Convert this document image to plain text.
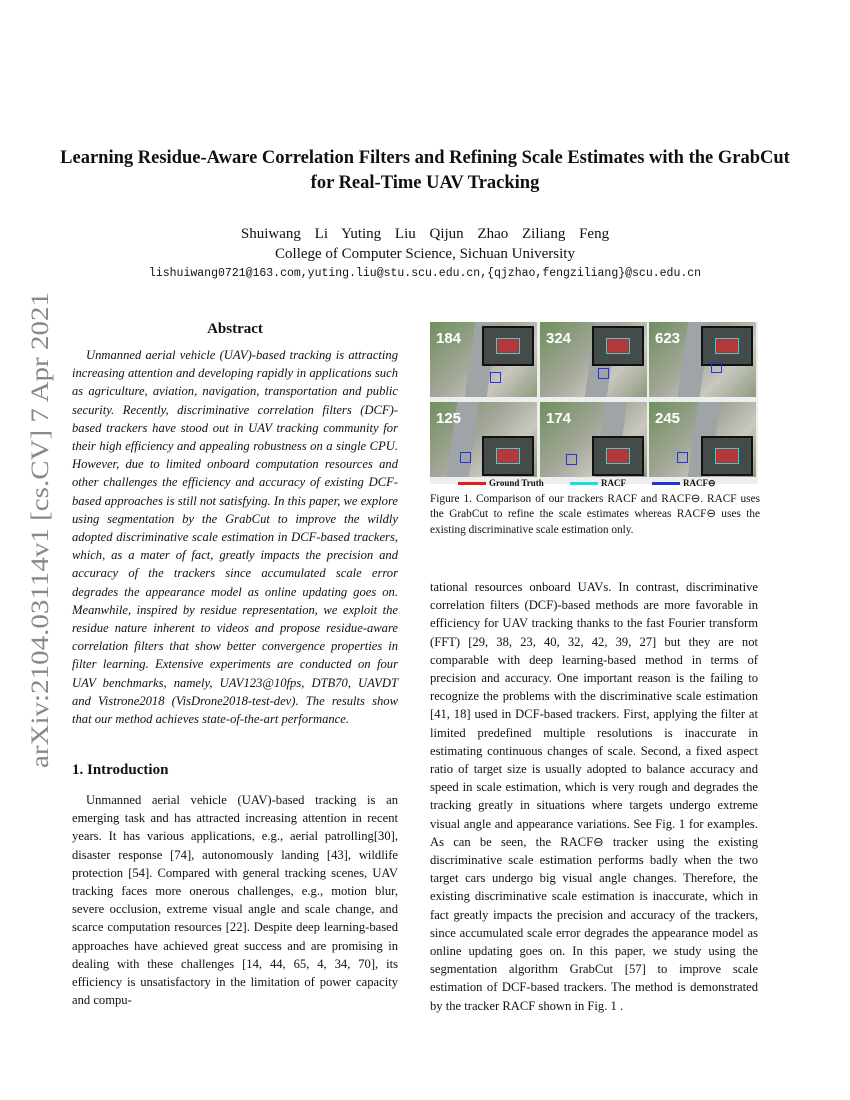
arXiv:2104.03114v1 [cs.CV] 7 Apr 2021
Learning Residue-Aware Correlation Filters and Refining Scale Estimates with the GrabCut for Real-Time UAV Tracking
Shuiwang Li Yuting Liu Qijun Zhao Ziliang Feng
College of Computer Science, Sichuan University
lishuiwang0721@163.com,yuting.liu@stu.scu.edu.cn,{qjzhao,fengziliang}@scu.edu.cn
Abstract

Unmanned aerial vehicle (UAV)-based tracking is attracting increasing attention and developing rapidly in applications such as agriculture, aviation, navigation, transportation and public security. Recently, discriminative correlation filters (DCF)-based trackers have stood out in UAV tracking community for their high efficiency and appealing robustness on a single CPU. However, due to limited onboard computation resources and other challenges the efficiency and accuracy of existing DCF-based approaches is still not satisfying. In this paper, we explore using segmentation by the GrabCut to improve the wildly adopted discriminative scale estimation in DCF-based trackers, which, as a mater of fact, greatly impacts the precision and accuracy of the trackers since accumulated scale error degrades the appearance model as online updating goes on. Meanwhile, inspired by residue representation, we exploit the residue nature inherent to videos and propose residue-aware correlation filters that show better convergence properties in filter learning. Extensive experiments are conducted on four UAV benchmarks, namely, UAV123@10fps, DTB70, UAVDT and Vistrone2018 (VisDrone2018-test-dev). The results show that our method achieves state-of-the-art performance.

1. Introduction

Unmanned aerial vehicle (UAV)-based tracking is an emerging task and has attracted increasing attention in recent years. It has various applications, e.g., aerial patrolling[30], disaster response [74], autonomously landing [43], wildlife protection [54]. Compared with general tracking scenes, UAV tracking faces more onerous challenges, e.g., motion blur, severe occlusion, extreme visual angle and scale change, and scarce computation resources [22]. Despite deep learning-based approaches have achieved great success and are promising in dealing with these challenges [14, 44, 65, 4, 34, 70], its efficiency is unsatisfactory in the limitation of power capacity and compu-

184	324	623
125	174	245
Ground Truth	RACF	RACF⊖

Figure 1. Comparison of our trackers RACF and RACF⊖. RACF uses the GrabCut to refine the scale estimates whereas RACF⊖ uses the existing discriminative scale estimation only.

tational resources onboard UAVs. In contrast, discriminative correlation filters (DCF)-based methods are more favorable in efficiency for UAV tracking thanks to the fast Fourier transform (FFT) [29, 38, 23, 40, 32, 42, 39, 27] but they are not comparable with deep learning-based method in terms of precision and accuracy. One important reason is the failing to recognize the problems with the discriminative scale estimation [41, 18] used in DCF-based trackers. First, applying the filter at limited predefined multiple resolutions is inaccurate in estimating continuous changes of scale. Second, a fixed aspect ratio of target size is usually adopted to balance accuracy and speed in scale estimation, which is very rough and degrades the tracking greatly in situations where targets undergo extreme visual angle and appearance variations. See Fig. 1 for examples. As can be seen, the RACF⊖ tracker using the existing discriminative scale estimation performs badly when the two target cars undergo big visual angle changes. Therefore, the existing discriminative scale estimation is inaccurate, which in fact greatly impacts the precision and accuracy of the trackers, since accumulated scale error degrades the appearance model as online updating goes on. In this paper, we study using the segmentation algorithm GrabCut [57] to improve scale estimation of DCF-based trackers. The method is demonstrated by the tracker RACF shown in Fig. 1 .
